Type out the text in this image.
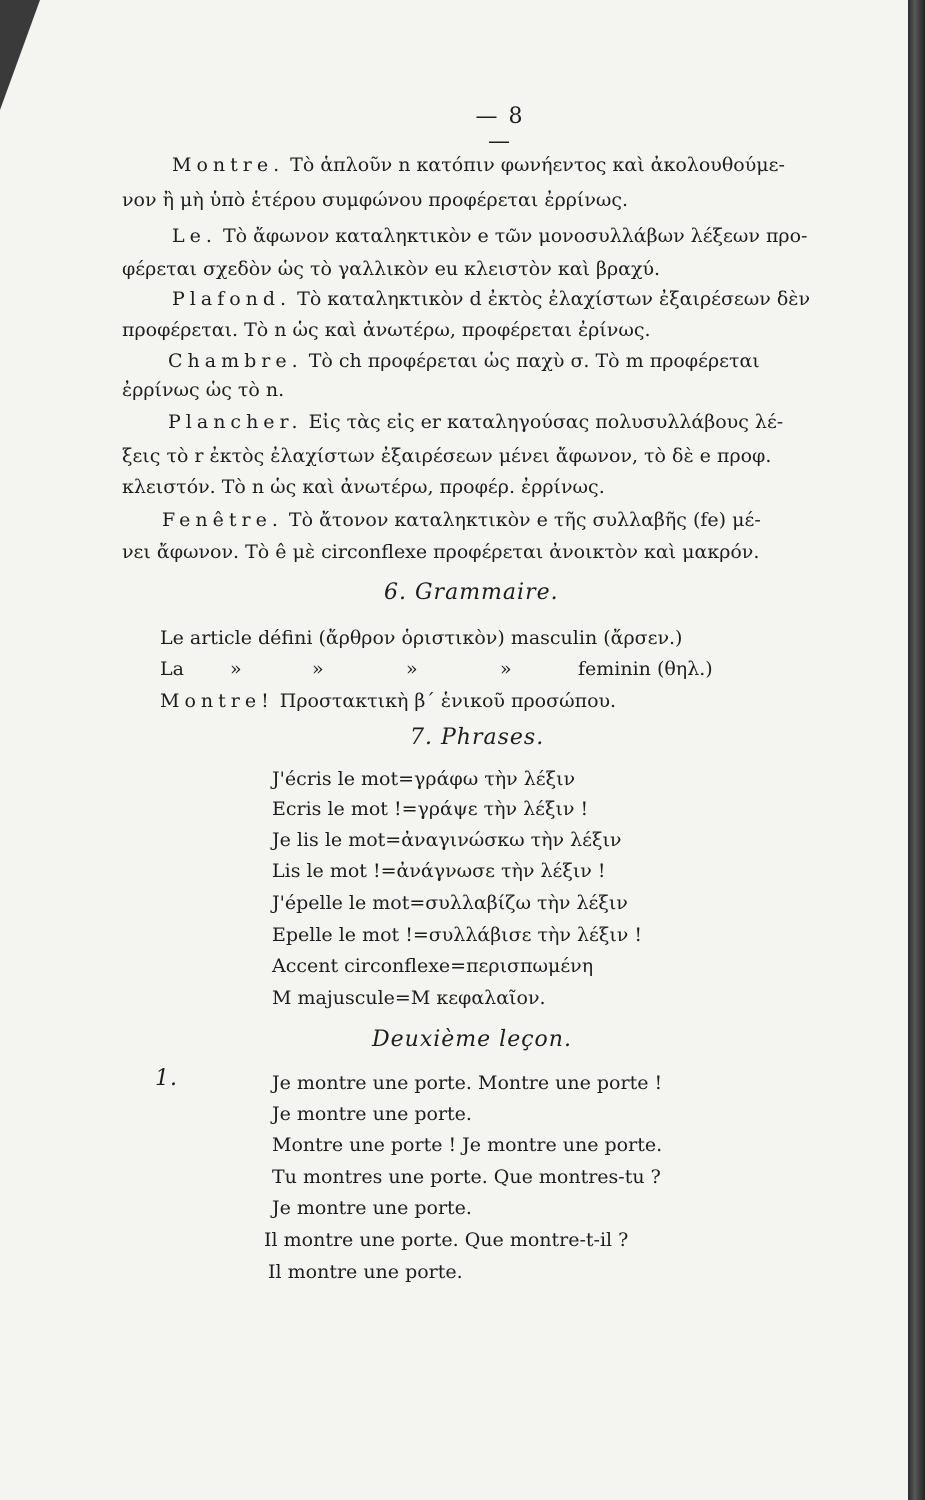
— 8 —
Montre. Τὸ ἁπλοῦν n κατόπιν φωνήεντος καὶ ἀκολουθούμε-
νον ἢ μὴ ὑπὸ ἑτέρου συμφώνου προφέρεται ἐρρίνως.
Le. Τὸ ἄφωνον καταληκτικὸν e τῶν μονοσυλλάβων λέξεων προ-
φέρεται σχεδὸν ὡς τὸ γαλλικὸν eu κλειστὸν καὶ βραχύ.
Plafond. Τὸ καταληκτικὸν d ἐκτὸς ἐλαχίστων ἐξαιρέσεων δὲν
προφέρεται. Τὸ n ὡς καὶ ἀνωτέρω, προφέρεται ἐρίνως.
Chambre. Τὸ ch προφέρεται ὡς παχὺ σ. Τὸ m προφέρεται
ἐρρίνως ὡς τὸ n.
Plancher. Εἰς τὰς εἰς er καταληγούσας πολυσυλλάβους λέ-
ξεις τὸ r ἐκτὸς ἐλαχίστων ἐξαιρέσεων μένει ἄφωνον, τὸ δὲ e προφ.
κλειστόν. Τὸ n ὡς καὶ ἀνωτέρω, προφέρ. ἐρρίνως.
Fenêtre. Τὸ ἄτονον καταληκτικὸν e τῆς συλλαβῆς (fe) μέ-
νει ἄφωνον. Τὸ ê μὲ circonflexe προφέρεται ἀνοικτὸν καὶ μακρόν.
6. Grammaire.
Le article défini (ἄρθρον ὁριστικὸν) masculin (ἄρσεν.)
La »	»	»	»	feminin (θηλ.)
Montre! Προστακτικὴ β΄ ἑνικοῦ προσώπου.
7. Phrases.
J'écris le mot=γράφω τὴν λέξιν
Ecris le mot !=γράψε τὴν λέξιν !
Je lis le mot=ἀναγινώσκω τὴν λέξιν
Lis le mot !=ἀνάγνωσε τὴν λέξιν !
J'épelle le mot=συλλαβίζω τὴν λέξιν
Epelle le mot !=συλλάβισε τὴν λέξιν !
Accent circonflexe=περισπωμένη
M majuscule=M κεφαλαῖον.
Deuxième leçon.
1.	Je montre une porte. Montre une porte !
Je montre une porte.
Montre une porte ! Je montre une porte.
Tu montres une porte. Que montres-tu ?
Je montre une porte.
Il montre une porte. Que montre-t-il ?
Il montre une porte.
